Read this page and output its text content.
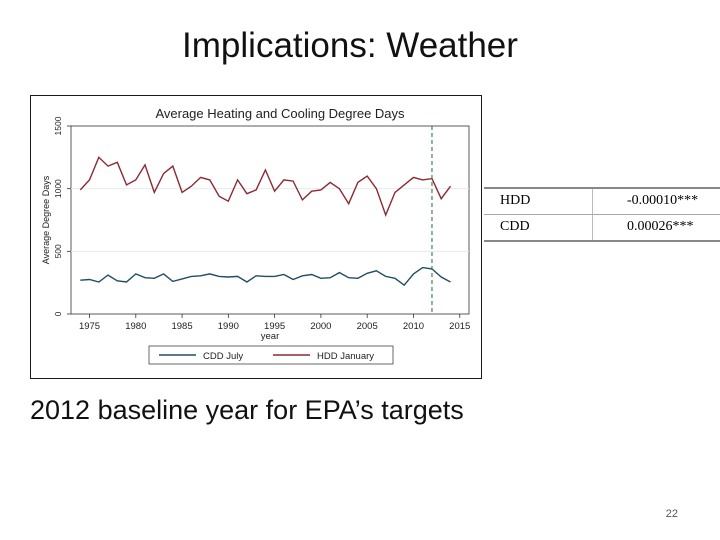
Implications: Weather
Average Heating and Cooling Degree Days
0
500
1000
1500
1975	1980	1985	1990	1995	2000	2005	2010	2015
year
Average Degree Days
CDD July	HDD January
HDD	-0.00010***
CDD	0.00026***
2012 baseline year for EPA’s targets
22
